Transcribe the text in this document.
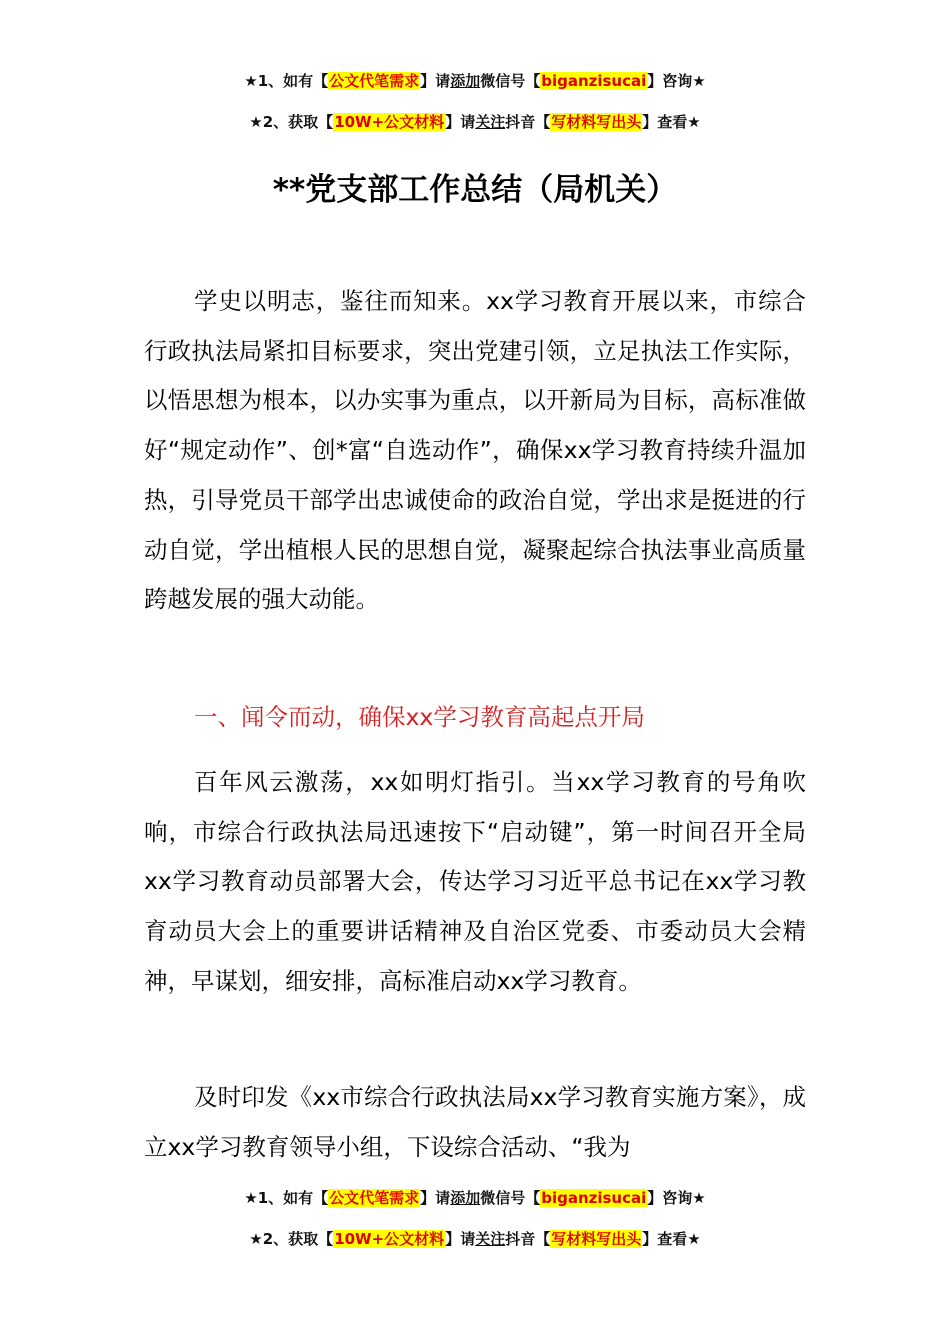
★1、如有【公文代笔需求】请添加微信号【biganzisucai】咨询★
★2、获取【10W+公文材料】请关注抖音【写材料写出头】查看★
**党支部工作总结（局机关）

学史以明志，鉴往而知来。xx学习教育开展以来，市综合行政执法局紧扣目标要求，突出党建引领，立足执法工作实际，以悟思想为根本，以办实事为重点，以开新局为目标，高标准做好“规定动作”、创*富“自选动作”，确保xx学习教育持续升温加热，引导党员干部学出忠诚使命的政治自觉，学出求是挺进的行动自觉，学出植根人民的思想自觉，凝聚起综合执法事业高质量跨越发展的强大动能。

一、闻令而动，确保xx学习教育高起点开局

百年风云激荡，xx如明灯指引。当xx学习教育的号角吹响，市综合行政执法局迅速按下“启动键”，第一时间召开全局xx学习教育动员部署大会，传达学习习近平总书记在xx学习教育动员大会上的重要讲话精神及自治区党委、市委动员大会精神，早谋划，细安排，高标准启动xx学习教育。

及时印发《xx市综合行政执法局xx学习教育实施方案》，成立xx学习教育领导小组，下设综合活动、“我为

★1、如有【公文代笔需求】请添加微信号【biganzisucai】咨询★
★2、获取【10W+公文材料】请关注抖音【写材料写出头】查看★
